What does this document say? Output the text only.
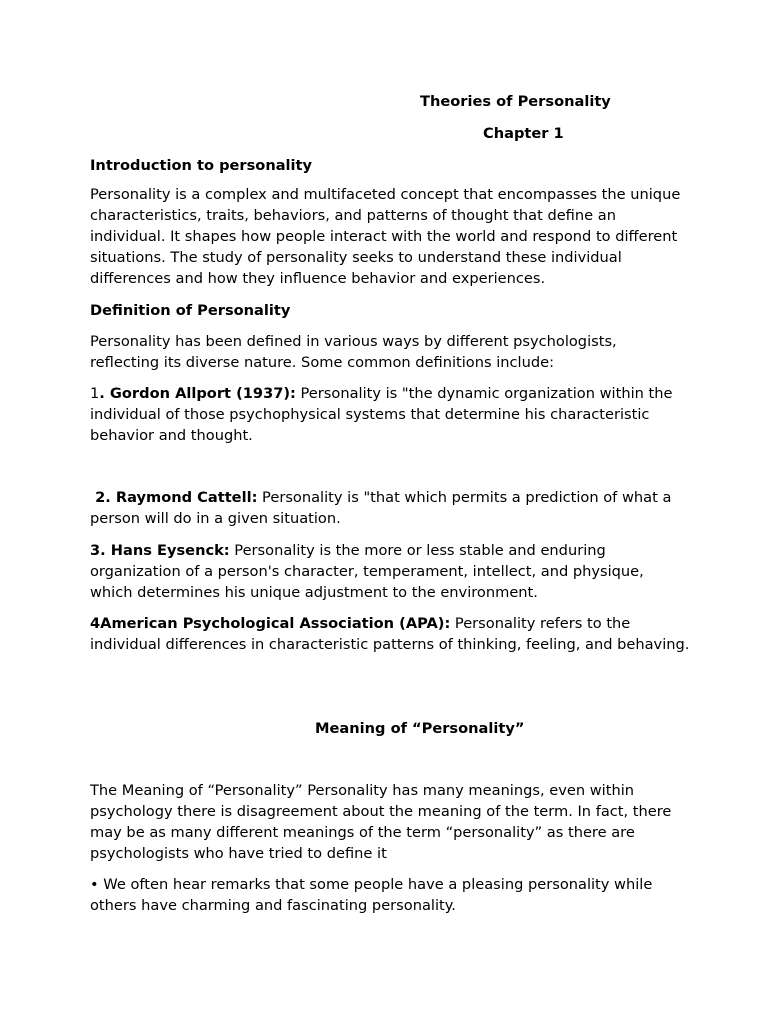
Theories of Personality
Chapter 1
Introduction to personality

Personality is a complex and multifaceted concept that encompasses the unique characteristics, traits, behaviors, and patterns of thought that define an individual. It shapes how people interact with the world and respond to different situations. The study of personality seeks to understand these individual differences and how they influence behavior and experiences.

Definition of Personality

Personality has been defined in various ways by different psychologists, reflecting its diverse nature. Some common definitions include:

1. Gordon Allport (1937): Personality is "the dynamic organization within the individual of those psychophysical systems that determine his characteristic behavior and thought.

2. Raymond Cattell: Personality is "that which permits a prediction of what a person will do in a given situation.

3. Hans Eysenck: Personality is the more or less stable and enduring organization of a person's character, temperament, intellect, and physique, which determines his unique adjustment to the environment.

4American Psychological Association (APA): Personality refers to the individual differences in characteristic patterns of thinking, feeling, and behaving.

Meaning of “Personality”

The Meaning of “Personality” Personality has many meanings, even within psychology there is disagreement about the meaning of the term. In fact, there may be as many different meanings of the term “personality” as there are psychologists who have tried to define it

• We often hear remarks that some people have a pleasing personality while others have charming and fascinating personality.
